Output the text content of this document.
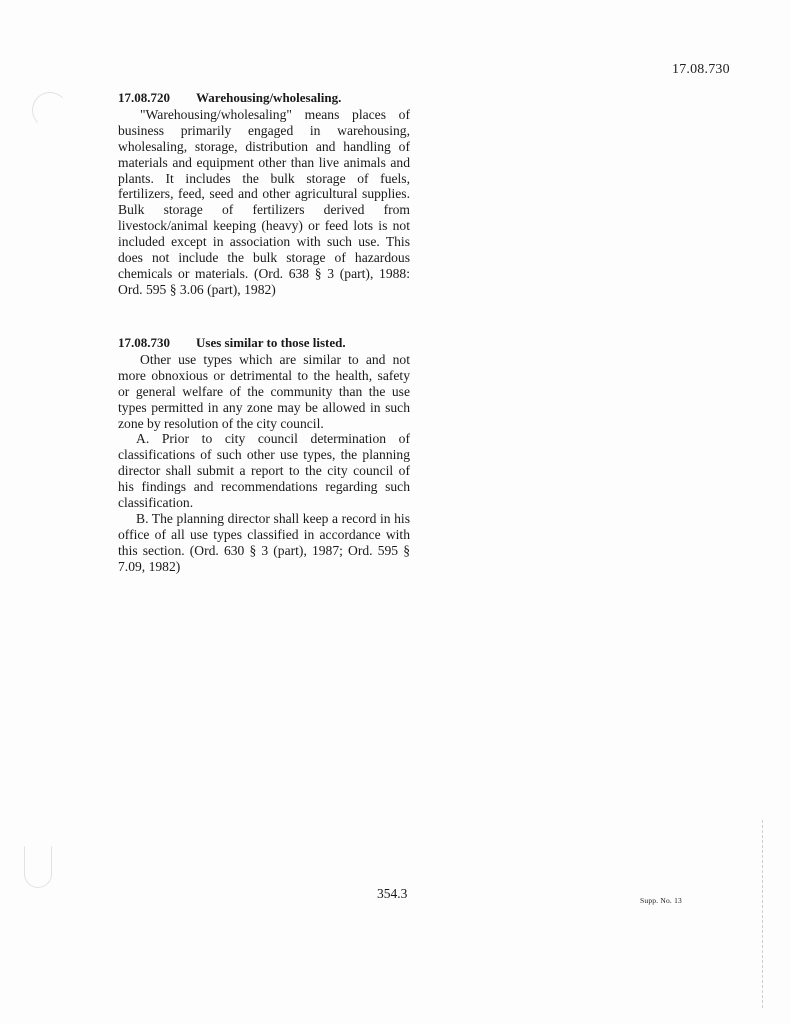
17.08.730
17.08.720 Warehousing/wholesaling.

"Warehousing/wholesaling" means places of business primarily engaged in warehousing, wholesaling, storage, distribution and handling of materials and equipment other than live animals and plants. It includes the bulk storage of fuels, fertilizers, feed, seed and other agricultural supplies. Bulk storage of fertilizers derived from livestock/animal keeping (heavy) or feed lots is not included except in association with such use. This does not include the bulk storage of hazardous chemicals or materials. (Ord. 638 § 3 (part), 1988: Ord. 595 § 3.06 (part), 1982)

17.08.730 Uses similar to those listed.

Other use types which are similar to and not more obnoxious or detrimental to the health, safety or general welfare of the community than the use types permitted in any zone may be allowed in such zone by resolution of the city council.

A. Prior to city council determination of classifications of such other use types, the planning director shall submit a report to the city council of his findings and recommendations regarding such classification.

B. The planning director shall keep a record in his office of all use types classified in accordance with this section. (Ord. 630 § 3 (part), 1987; Ord. 595 § 7.09, 1982)

354.3	Supp. No. 13
